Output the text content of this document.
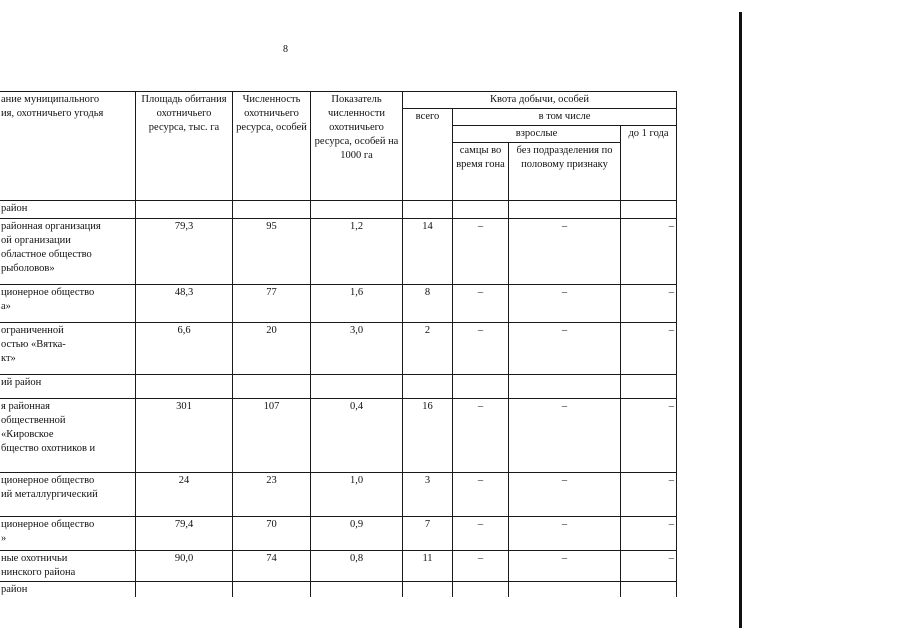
8
ание муниципального
ия, охотничьего угодья	Площадь обитания охотничьего ресурса, тыс. га	Численность охотничьего ресурса, особей	Показатель численности охотничьего ресурса, особей на 1000 га	Квота добычи, особей			
				всего	в том числе		
					взрослые		до 1 года
					самцы во время гона	без подразделения по половому признаку	
район							
районная организация
ой организации
областное общество
рыболовов»	79,3	95	1,2	14	–	–	–
ционерное общество
а»	48,3	77	1,6	8	–	–	–
ограниченной
остью «Вятка-
кт»	6,6	20	3,0	2	–	–	–
ий район							
я районная
общественной
«Кировское
бщество охотников и	301	107	0,4	16	–	–	–
ционерное общество
ий металлургический	24	23	1,0	3	–	–	–
ционерное общество
»	79,4	70	0,9	7	–	–	–
ные охотничьи
нинского района	90,0	74	0,8	11	–	–	–
район							
